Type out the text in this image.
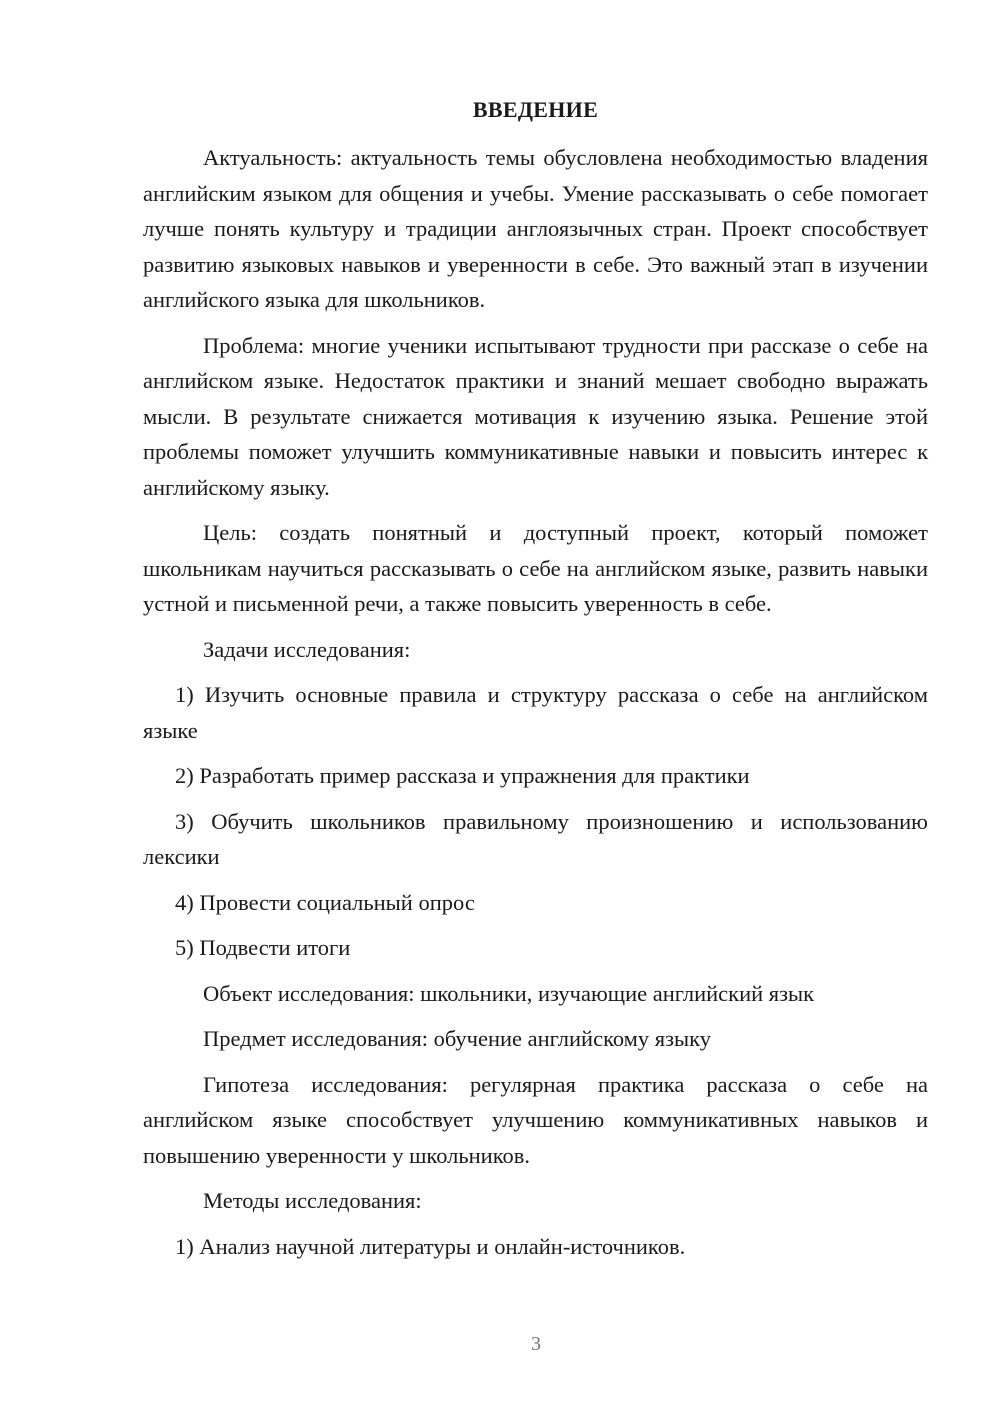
ВВЕДЕНИЕ

Актуальность: актуальность темы обусловлена необходимостью владения английским языком для общения и учебы. Умение рассказывать о себе помогает лучше понять культуру и традиции англоязычных стран. Проект способствует развитию языковых навыков и уверенности в себе. Это важный этап в изучении английского языка для школьников.

Проблема: многие ученики испытывают трудности при рассказе о себе на английском языке. Недостаток практики и знаний мешает свободно выражать мысли. В результате снижается мотивация к изучению языка. Решение этой проблемы поможет улучшить коммуникативные навыки и повысить интерес к английскому языку.

Цель: создать понятный и доступный проект, который поможет школьникам научиться рассказывать о себе на английском языке, развить навыки устной и письменной речи, а также повысить уверенность в себе.

Задачи исследования:

1) Изучить основные правила и структуру рассказа о себе на английском языке

2) Разработать пример рассказа и упражнения для практики

3) Обучить школьников правильному произношению и использованию лексики

4) Провести социальный опрос

5) Подвести итоги

Объект исследования: школьники, изучающие английский язык

Предмет исследования: обучение английскому языку

Гипотеза исследования: регулярная практика рассказа о себе на английском языке способствует улучшению коммуникативных навыков и повышению уверенности у школьников.

Методы исследования:

1) Анализ научной литературы и онлайн-источников.

3
